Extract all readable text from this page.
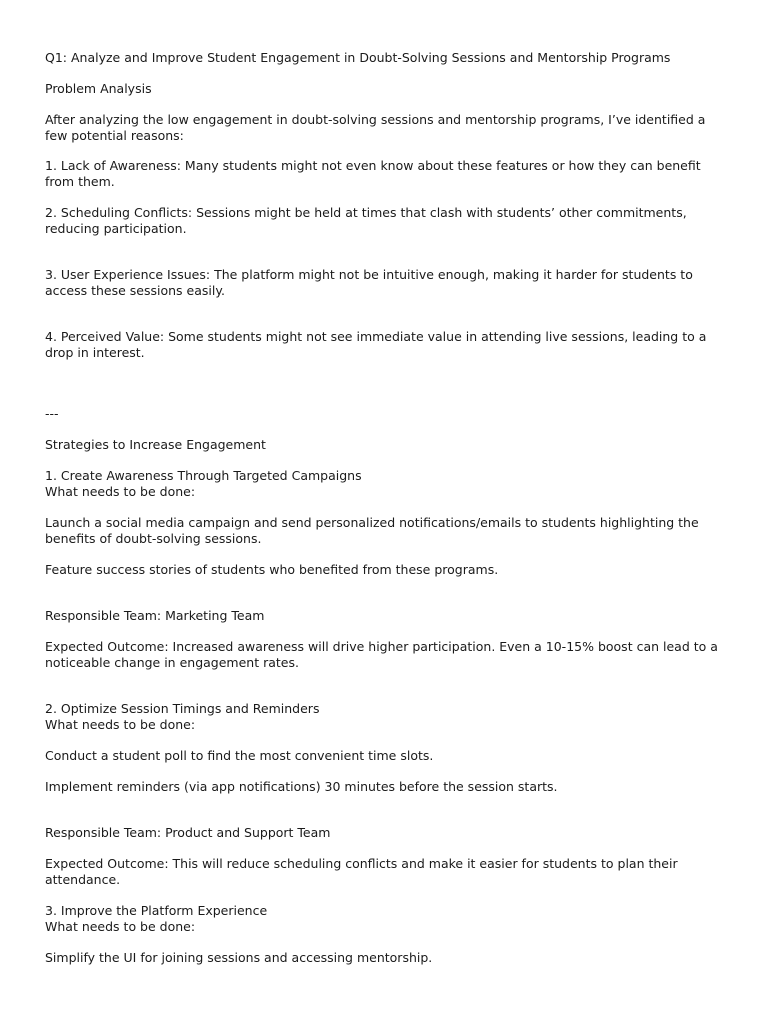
Q1: Analyze and Improve Student Engagement in Doubt-Solving Sessions and Mentorship Programs
Problem Analysis
After analyzing the low engagement in doubt-solving sessions and mentorship programs, I’ve identified a few potential reasons:
1. Lack of Awareness: Many students might not even know about these features or how they can benefit from them.
2. Scheduling Conflicts: Sessions might be held at times that clash with students’ other commitments, reducing participation.
3. User Experience Issues: The platform might not be intuitive enough, making it harder for students to access these sessions easily.
4. Perceived Value: Some students might not see immediate value in attending live sessions, leading to a drop in interest.
---
Strategies to Increase Engagement
1. Create Awareness Through Targeted Campaigns
What needs to be done:
Launch a social media campaign and send personalized notifications/emails to students highlighting the benefits of doubt-solving sessions.
Feature success stories of students who benefited from these programs.
Responsible Team: Marketing Team
Expected Outcome: Increased awareness will drive higher participation. Even a 10-15% boost can lead to a noticeable change in engagement rates.
2. Optimize Session Timings and Reminders
What needs to be done:
Conduct a student poll to find the most convenient time slots.
Implement reminders (via app notifications) 30 minutes before the session starts.
Responsible Team: Product and Support Team
Expected Outcome: This will reduce scheduling conflicts and make it easier for students to plan their attendance.
3. Improve the Platform Experience
What needs to be done:
Simplify the UI for joining sessions and accessing mentorship.
